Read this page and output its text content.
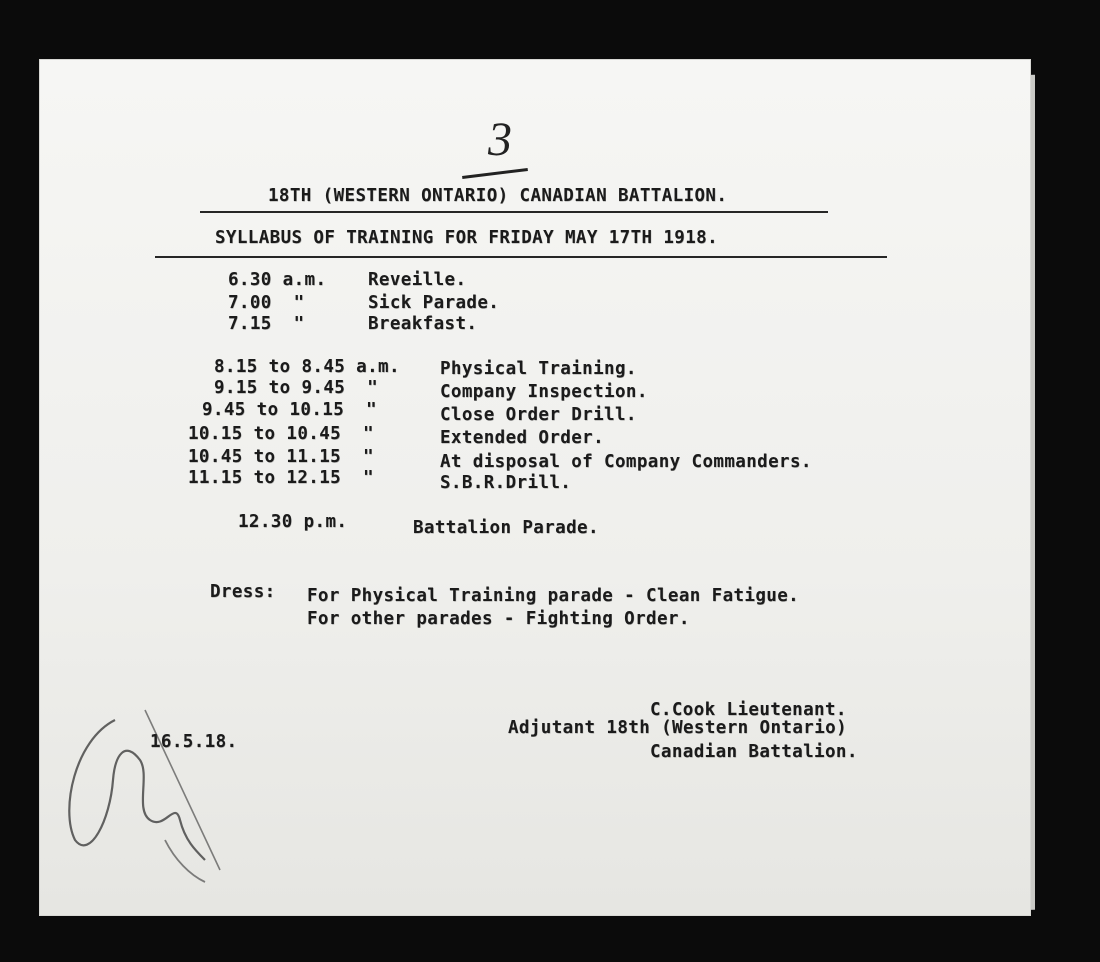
3
18TH (WESTERN ONTARIO) CANADIAN BATTALION.
SYLLABUS OF TRAINING FOR FRIDAY MAY 17TH 1918.
6.30 a.m. Reveille.
7.00  "	Sick Parade.
7.15  "	Breakfast.
8.15 to 8.45 a.m. Physical Training.
9.15 to 9.45  "	Company Inspection.
9.45 to 10.15  "	Close Order Drill.
10.15 to 10.45  "	Extended Order.
10.45 to 11.15  "	At disposal of Company Commanders.
11.15 to 12.15  "	S.B.R.Drill.
12.30 p.m.	Battalion Parade.
Dress: For Physical Training parade - Clean Fatigue.
For other parades - Fighting Order.
C.Cook Lieutenant.
Adjutant 18th (Western Ontario)
Canadian Battalion.
16.5.18.
